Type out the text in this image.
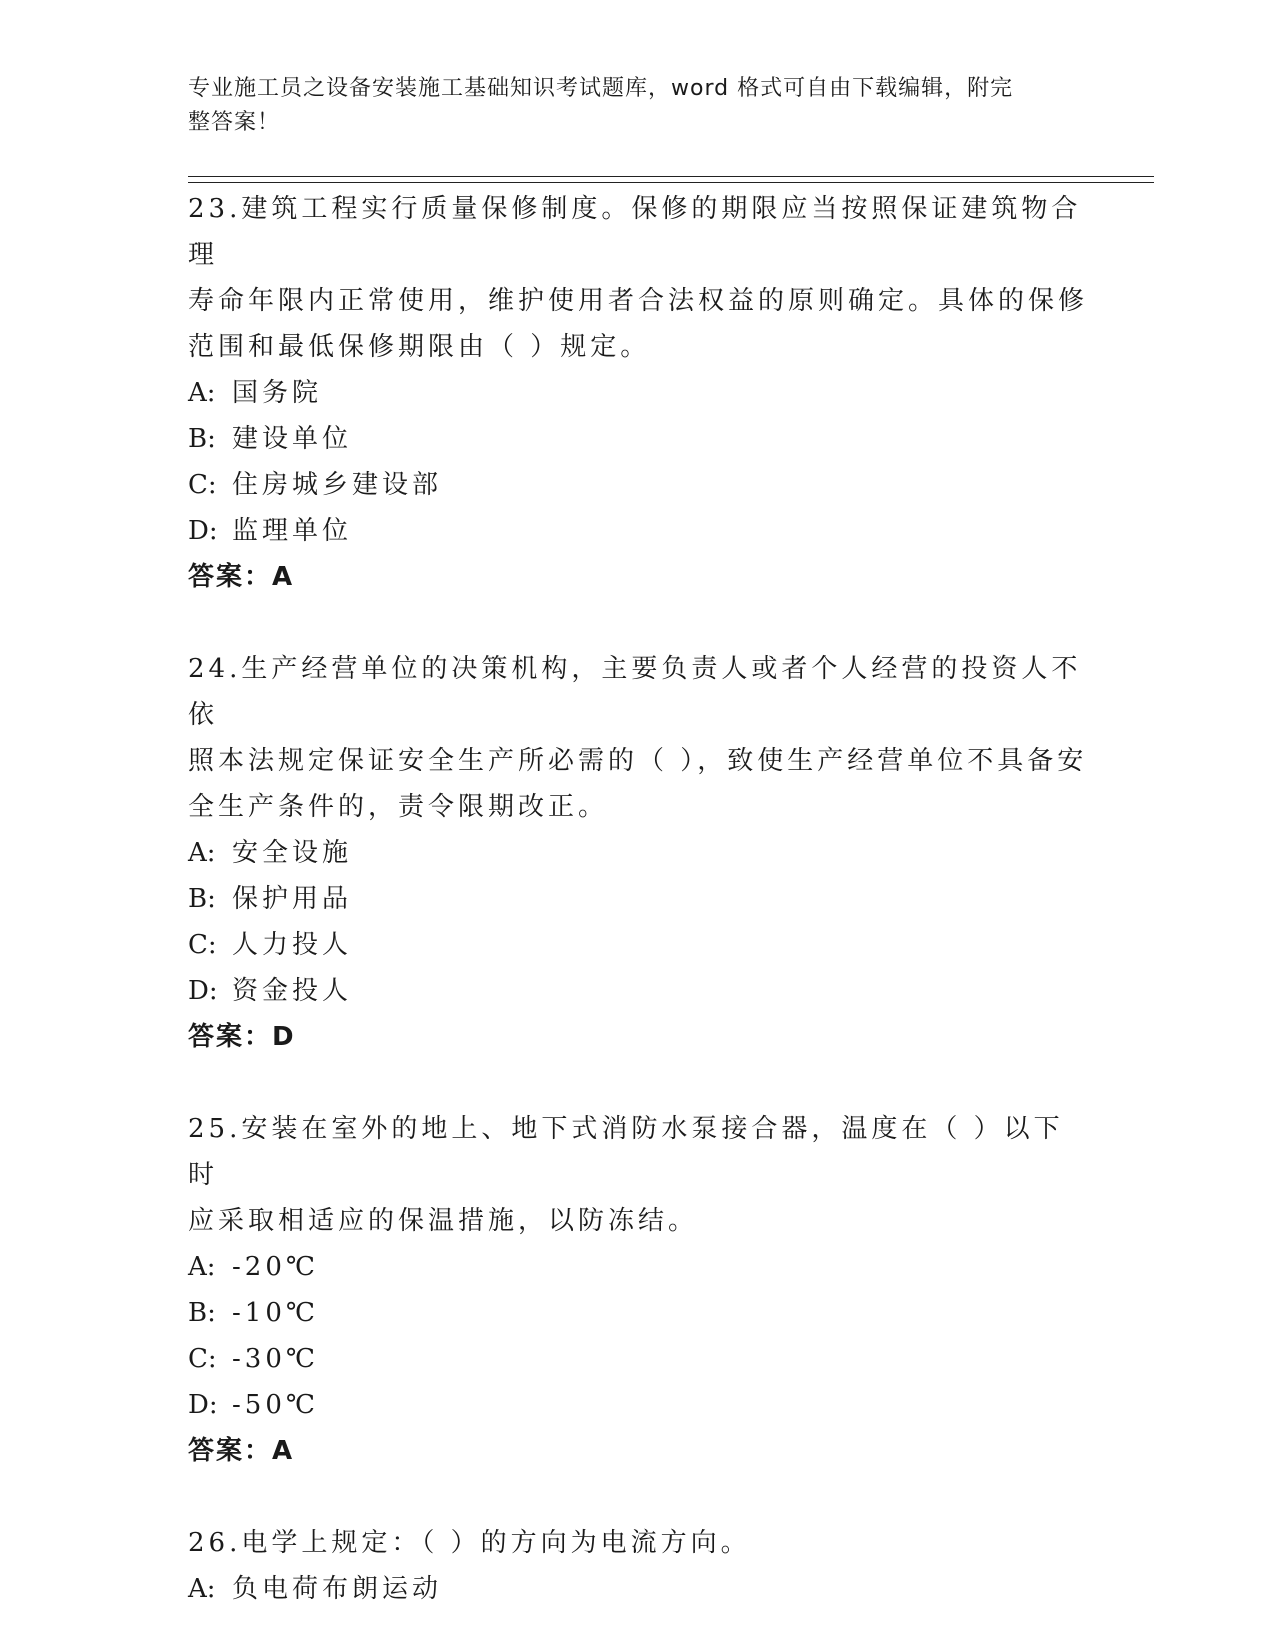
专业施工员之设备安装施工基础知识考试题库，word 格式可自由下载编辑，附完
整答案！

23.建筑工程实行质量保修制度。保修的期限应当按照保证建筑物合理

寿命年限内正常使用，维护使用者合法权益的原则确定。具体的保修

范围和最低保修期限由（ ）规定。

A: 国务院

B: 建设单位

C: 住房城乡建设部

D: 监理单位

答案：A

24.生产经营单位的决策机构，主要负责人或者个人经营的投资人不依

照本法规定保证安全生产所必需的（ ），致使生产经营单位不具备安

全生产条件的，责令限期改正。

A: 安全设施

B: 保护用品

C: 人力投人

D: 资金投人

答案：D

25.安装在室外的地上、地下式消防水泵接合器，温度在（ ）以下时

应采取相适应的保温措施，以防冻结。

A: -20℃

B: -10℃

C: -30℃

D: -50℃

答案：A

26.电学上规定：（ ）的方向为电流方向。

A: 负电荷布朗运动
